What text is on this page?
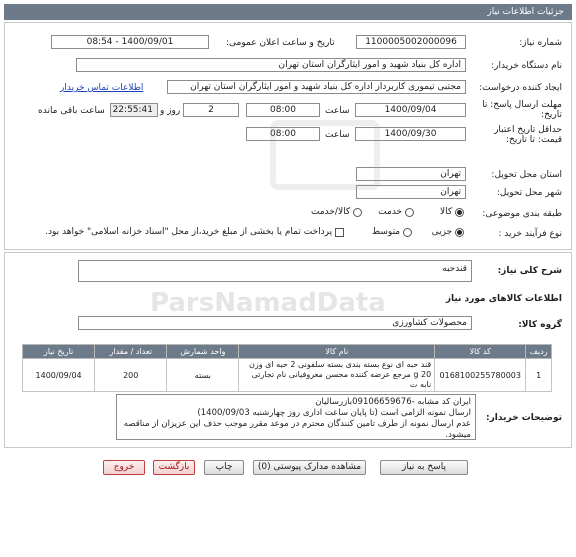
جزئیات اطلاعات نیاز
شماره نیاز:
1100005002000096
تاریخ و ساعت اعلان عمومی:
1400/09/01 - 08:54
نام دستگاه خریدار:
اداره کل بنیاد شهید و امور ایثارگران استان تهران
ایجاد کننده درخواست:
مجتبی تیموری کاربرداز اداره کل بنیاد شهید و امور ایثارگران استان تهران
اطلاعات تماس خریدار
مهلت ارسال پاسخ: تا تاریخ:
1400/09/04
ساعت
08:00
2
روز و
22:55:41
ساعت باقی مانده
حداقل تاریخ اعتبار قیمت: تا تاریخ:
1400/09/30
ساعت
08:00
استان محل تحویل:
تهران
شهر محل تحویل:
تهران
طبقه بندی موضوعی:
کالا
خدمت
کالا/خدمت
نوع فرآیند خرید :
جزیی
متوسط
پرداخت تمام یا بخشی از مبلغ خرید،از محل "اسناد خزانه اسلامی" خواهد بود.
شرح کلی نیاز:
قندحبه
اطلاعات کالاهای مورد نیاز
گروه کالا:
محصولات کشاورزی
ردیف	کد کالا	نام کالا	واحد شمارش	تعداد / مقدار	تاریخ نیاز
1	0168100255780003	قند حبه ای نوع بسته بندی بسته سلفونی 2 حبه ای وزن 20 g مرجع عرضه کننده محسن معروفیانی نام تجارتی نابه ت	بسته	200	1400/09/04
توضیحات خریدار:
ایران کد مشابه -09106659676بازرسالیان
ارسال نمونه الزامی است (تا پایان ساعت اداری روز چهارشنبه 1400/09/03)
عدم ارسال نمونه از طرف تامین کنندگان محترم در موعد مقرر موجب حذف این عزیزان از مناقصه میشود.
پاسخ به نیاز
مشاهده مدارک پیوستی (0)
چاپ
بازگشت
خروج
ParsNamadData
